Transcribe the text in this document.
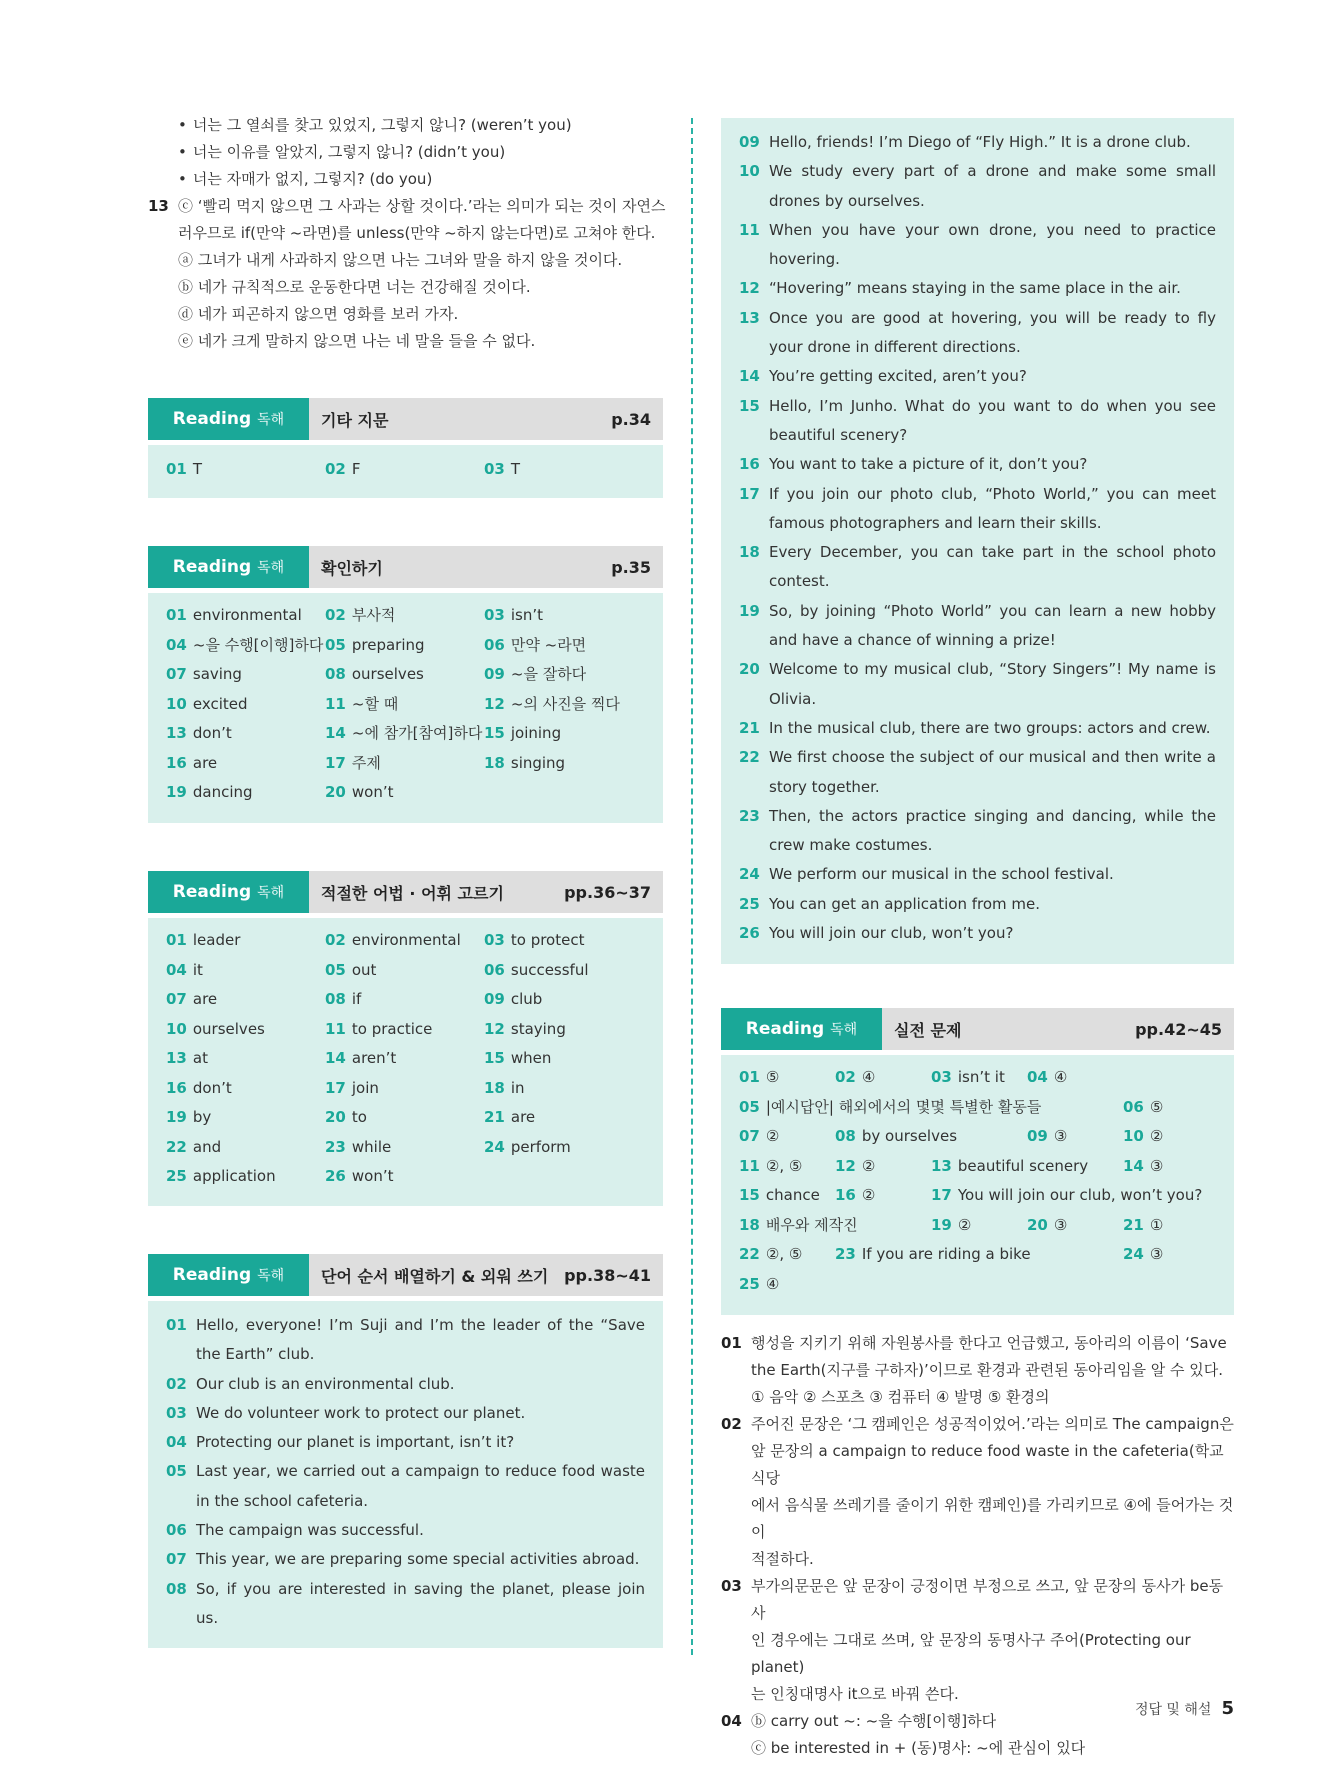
• 너는 그 열쇠를 찾고 있었지, 그렇지 않니? (weren’t you)
• 너는 이유를 알았지, 그렇지 않니? (didn’t you)
• 너는 자매가 없지, 그렇지? (do you)
13 ⓒ ‘빨리 먹지 않으면 그 사과는 상할 것이다.’라는 의미가 되는 것이 자연스
러우므로 if(만약 ~라면)를 unless(만약 ~하지 않는다면)로 고쳐야 한다.
ⓐ 그녀가 내게 사과하지 않으면 나는 그녀와 말을 하지 않을 것이다.
ⓑ 네가 규칙적으로 운동한다면 너는 건강해질 것이다.
ⓓ 네가 피곤하지 않으면 영화를 보러 가자.
ⓔ 네가 크게 말하지 않으면 나는 네 말을 들을 수 없다.
Reading 독해 기타 지문	p.34
01 T	02 F	03 T
Reading 독해 확인하기	p.35
01 environmental	02 부사적	03 isn’t
04 ~을 수행[이행]하다 05 preparing	06 만약 ~라면
07 saving	08 ourselves	09 ~을 잘하다
10 excited	11 ~할 때	12 ~의 사진을 찍다
13 don’t	14 ~에 참가[참여]하다 15 joining
16 are	17 주제	18 singing
19 dancing	20 won’t
Reading 독해 적절한 어법 · 어휘 고르기	pp.36~37
01 leader	02 environmental	03 to protect
04 it	05 out	06 successful
07 are	08 if	09 club
10 ourselves	11 to practice	12 staying
13 at	14 aren’t	15 when
16 don’t	17 join	18 in
19 by	20 to	21 are
22 and	23 while	24 perform
25 application	26 won’t
Reading 독해 단어 순서 배열하기 & 외워 쓰기 pp.38~41
01 Hello, everyone! I’m Suji and I’m the leader of the “Save the Earth” club.
02 Our club is an environmental club.
03 We do volunteer work to protect our planet.
04 Protecting our planet is important, isn’t it?
05 Last year, we carried out a campaign to reduce food waste in the school cafeteria.
06 The campaign was successful.
07 This year, we are preparing some special activities abroad.
08 So, if you are interested in saving the planet, please join us.
09 Hello, friends! I’m Diego of “Fly High.” It is a drone club.
10 We study every part of a drone and make some small drones by ourselves.
11 When you have your own drone, you need to practice hovering.
12 “Hovering” means staying in the same place in the air.
13 Once you are good at hovering, you will be ready to fly your drone in different directions.
14 You’re getting excited, aren’t you?
15 Hello, I’m Junho. What do you want to do when you see beautiful scenery?
16 You want to take a picture of it, don’t you?
17 If you join our photo club, “Photo World,” you can meet famous photographers and learn their skills.
18 Every December, you can take part in the school photo contest.
19 So, by joining “Photo World” you can learn a new hobby and have a chance of winning a prize!
20 Welcome to my musical club, “Story Singers”! My name is Olivia.
21 In the musical club, there are two groups: actors and crew.
22 We first choose the subject of our musical and then write a story together.
23 Then, the actors practice singing and dancing, while the crew make costumes.
24 We perform our musical in the school festival.
25 You can get an application from me.
26 You will join our club, won’t you?
Reading 독해 실전 문제	pp.42~45
01 ⑤	02 ④	03 isn’t it 04 ④
05 |예시답안| 해외에서의 몇몇 특별한 활동들	06 ⑤
07 ②	08 by ourselves	09 ③	10 ②
11 ②, ⑤ 12 ②	13 beautiful scenery 14 ③
15 chance 16 ②	17 You will join our club, won’t you?
18 배우와 제작진	19 ②	20 ③	21 ①
22 ②, ⑤ 23 If you are riding a bike	24 ③
25 ④
01 행성을 지키기 위해 자원봉사를 한다고 언급했고, 동아리의 이름이 ‘Save
the Earth(지구를 구하자)’이므로 환경과 관련된 동아리임을 알 수 있다.
① 음악 ② 스포츠 ③ 컴퓨터 ④ 발명 ⑤ 환경의
02 주어진 문장은 ‘그 캠페인은 성공적이었어.’라는 의미로 The campaign은
앞 문장의 a campaign to reduce food waste in the cafeteria(학교 식당
에서 음식물 쓰레기를 줄이기 위한 캠페인)를 가리키므로 ④에 들어가는 것이
적절하다.
03 부가의문문은 앞 문장이 긍정이면 부정으로 쓰고, 앞 문장의 동사가 be동사
인 경우에는 그대로 쓰며, 앞 문장의 동명사구 주어(Protecting our planet)
는 인칭대명사 it으로 바꿔 쓴다.
04 ⓑ carry out ~: ~을 수행[이행]하다
ⓒ be interested in + (동)명사: ~에 관심이 있다
정답 및 해설 5
